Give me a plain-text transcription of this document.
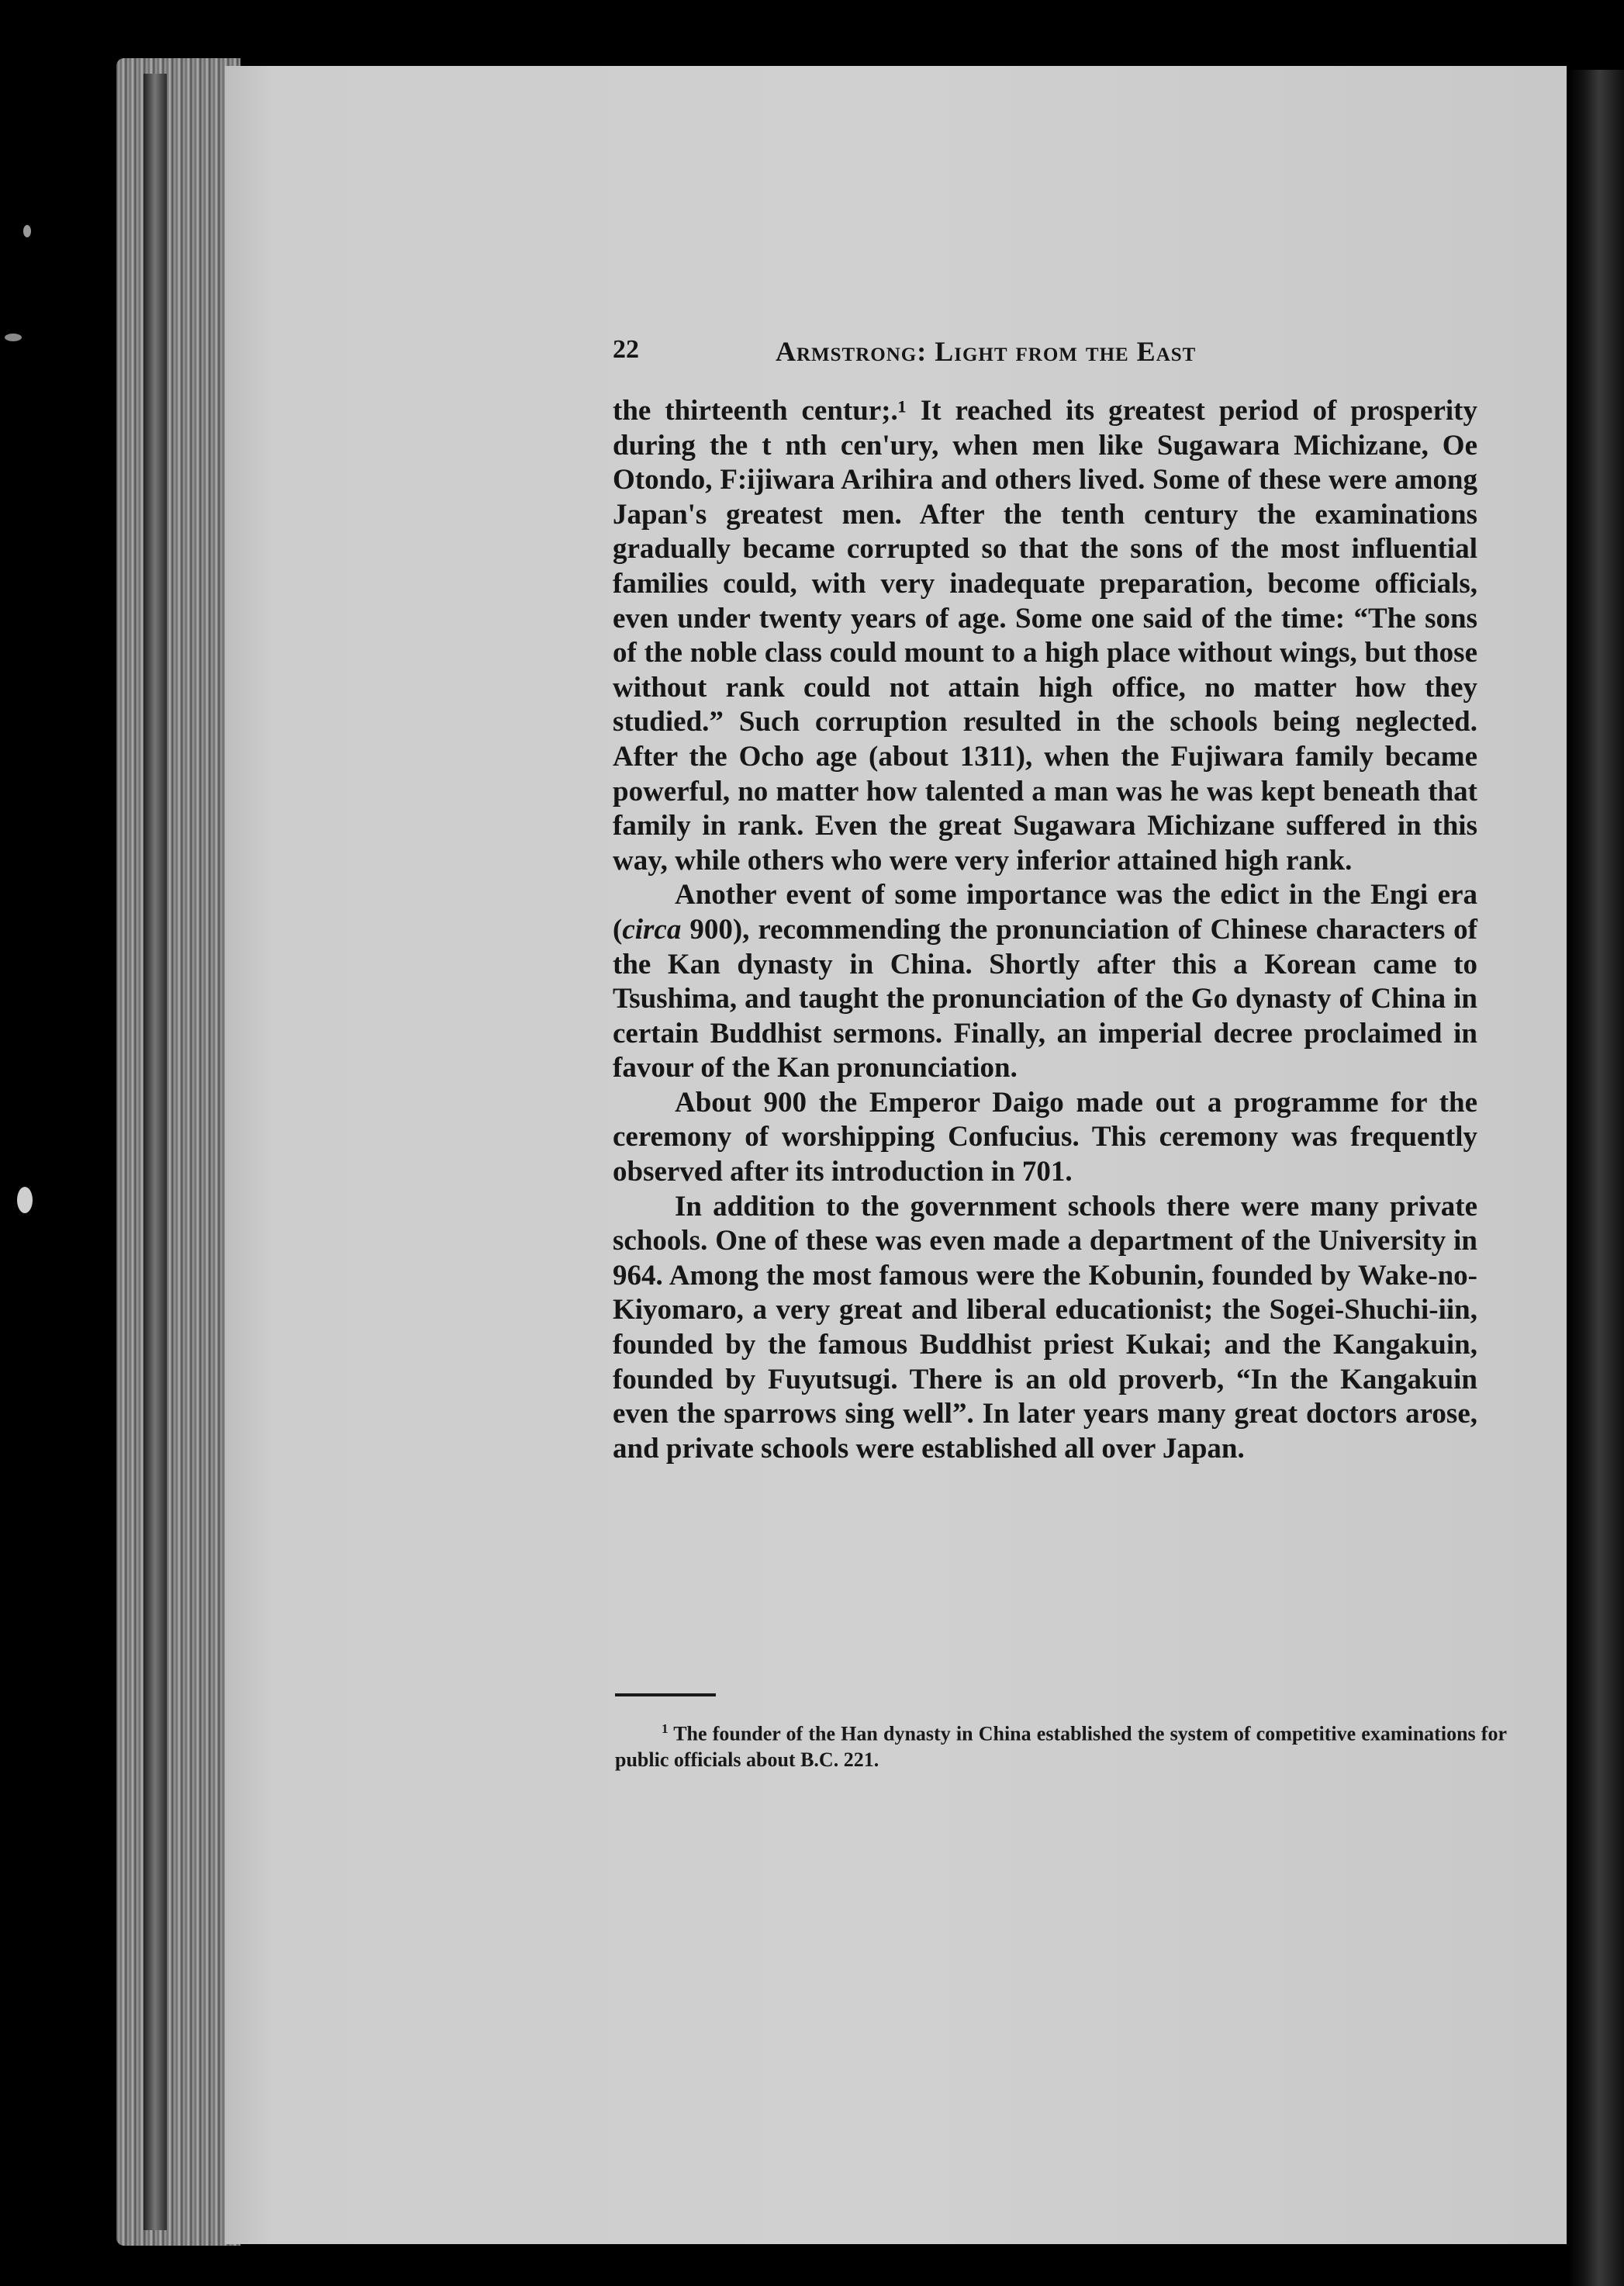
22	Armstrong: Light from the East

the thirteenth centur;.¹ It reached its greatest period of prosperity during the t nth cen'ury, when men like Sugawara Michizane, Oe Otondo, F:ijiwara Arihira and others lived. Some of these were among Japan's greatest men. After the tenth century the examinations gradually became corrupted so that the sons of the most influential families could, with very inadequate preparation, become officials, even under twenty years of age. Some one said of the time: “The sons of the noble class could mount to a high place without wings, but those without rank could not attain high office, no matter how they studied.” Such corruption resulted in the schools being neglected. After the Ocho age (about 1311), when the Fujiwara family became powerful, no matter how talented a man was he was kept beneath that family in rank. Even the great Sugawara Michizane suffered in this way, while others who were very inferior attained high rank.

Another event of some importance was the edict in the Engi era (circa 900), recommending the pronunciation of Chinese characters of the Kan dynasty in China. Shortly after this a Korean came to Tsushima, and taught the pronunciation of the Go dynasty of China in certain Buddhist sermons. Finally, an imperial decree proclaimed in favour of the Kan pronunciation.

About 900 the Emperor Daigo made out a programme for the ceremony of worshipping Confucius. This ceremony was frequently observed after its introduction in 701.

In addition to the government schools there were many private schools. One of these was even made a department of the University in 964. Among the most famous were the Kobunin, founded by Wake-no-Kiyomaro, a very great and liberal educationist; the Sogei-Shuchi-iin, founded by the famous Buddhist priest Kukai; and the Kangakuin, founded by Fuyutsugi. There is an old proverb, “In the Kangakuin even the sparrows sing well”. In later years many great doctors arose, and private schools were established all over Japan.

$^1$ The founder of the Han dynasty in China established the system of competitive examinations for public officials about B.C. 221.
